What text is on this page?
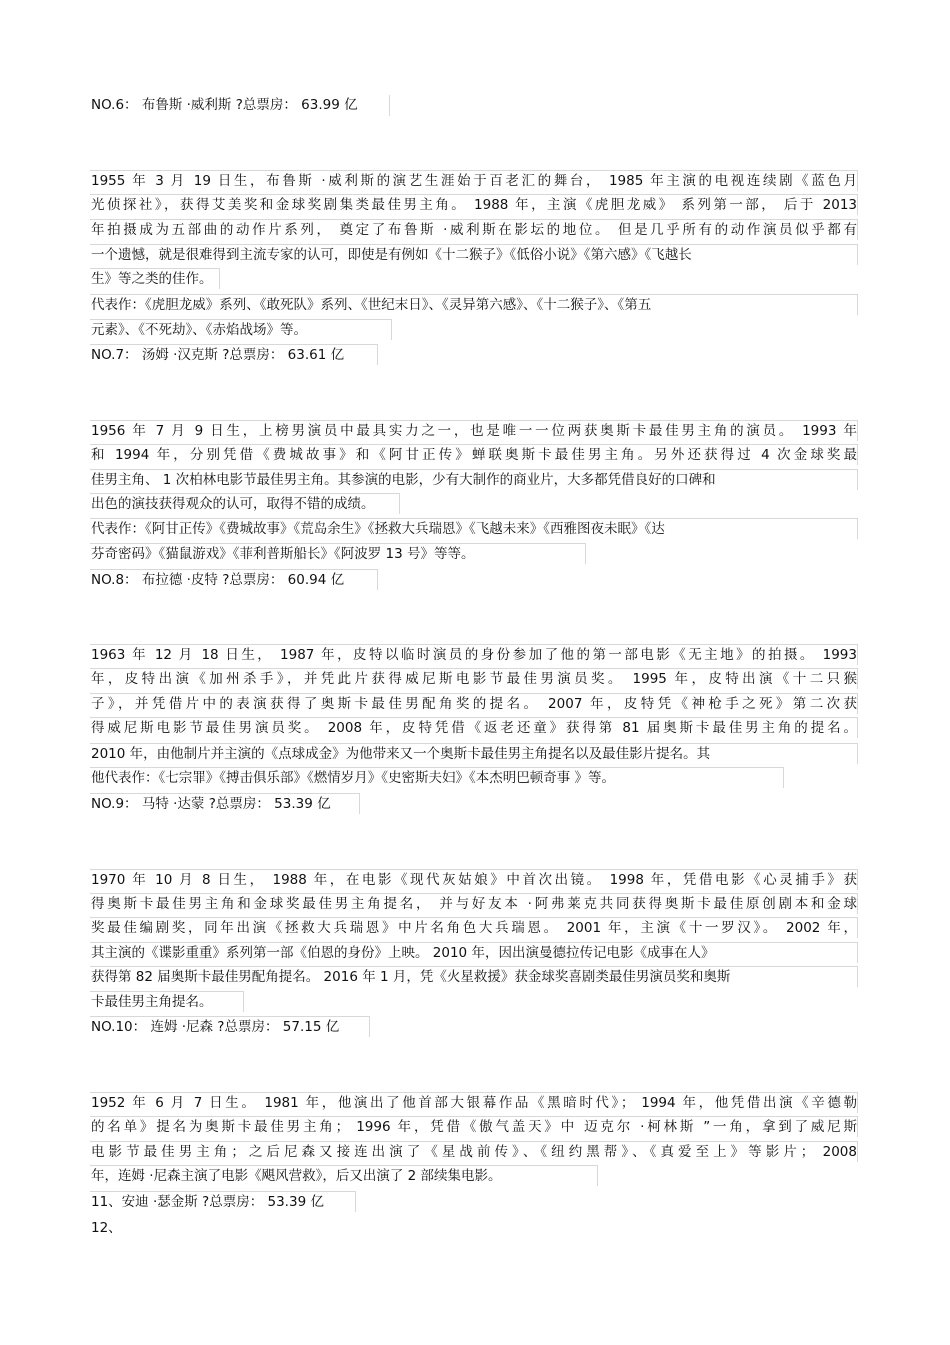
NO.6： 布鲁斯 ·威利斯 ?总票房： 63.99 亿
1955 年 3 月 19 日生，布鲁斯 ·威利斯的演艺生涯始于百老汇的舞台， 1985 年主演的电视连续剧《蓝色月
光侦探社》，获得艾美奖和金球奖剧集类最佳男主角。 1988 年，主演《虎胆龙威》 系列第一部， 后于 2013
年拍摄成为五部曲的动作片系列， 奠定了布鲁斯 ·威利斯在影坛的地位。 但是几乎所有的动作演员似乎都有
一个遗憾，就是很难得到主流专家的认可，即使是有例如《十二猴子》《低俗小说》《第六感》《飞越长
生》等之类的佳作。
代表作：《虎胆龙威》系列、《敢死队》系列、《世纪末日》、《灵异第六感》、《十二猴子》、《第五
元素》、《不死劫》、《赤焰战场》等。
NO.7： 汤姆 ·汉克斯 ?总票房： 63.61 亿
1956 年 7 月 9 日生，上榜男演员中最具实力之一，也是唯一一位两获奥斯卡最佳男主角的演员。 1993 年
和 1994 年，分别凭借《费城故事》和《阿甘正传》蝉联奥斯卡最佳男主角。另外还获得过 4 次金球奖最
佳男主角、 1 次柏林电影节最佳男主角。其参演的电影，少有大制作的商业片，大多都凭借良好的口碑和
出色的演技获得观众的认可，取得不错的成绩。
代表作：《阿甘正传》《费城故事》《荒岛余生》《拯救大兵瑞恩》《飞越未来》《西雅图夜未眠》《达
芬奇密码》《猫鼠游戏》《菲利普斯船长》《阿波罗 13 号》等等。
NO.8： 布拉德 ·皮特 ?总票房： 60.94 亿
1963 年 12 月 18 日生， 1987 年，皮特以临时演员的身份参加了他的第一部电影《无主地》的拍摄。 1993
年，皮特出演《加州杀手》，并凭此片获得威尼斯电影节最佳男演员奖。 1995 年，皮特出演《十二只猴
子》，并凭借片中的表演获得了奥斯卡最佳男配角奖的提名。 2007 年，皮特凭《神枪手之死》第二次获
得威尼斯电影节最佳男演员奖。 2008 年，皮特凭借《返老还童》获得第 81 届奥斯卡最佳男主角的提名。
2010 年，由他制片并主演的《点球成金》为他带来又一个奥斯卡最佳男主角提名以及最佳影片提名。其
他代表作：《七宗罪》《搏击俱乐部》《燃情岁月》《史密斯夫妇》《本杰明巴顿奇事 》等。
NO.9： 马特 ·达蒙 ?总票房： 53.39 亿
1970 年 10 月 8 日生， 1988 年，在电影《现代灰姑娘》中首次出镜。 1998 年，凭借电影《心灵捕手》获
得奥斯卡最佳男主角和金球奖最佳男主角提名， 并与好友本 ·阿弗莱克共同获得奥斯卡最佳原创剧本和金球
奖最佳编剧奖，同年出演《拯救大兵瑞恩》中片名角色大兵瑞恩。 2001 年，主演《十一罗汉》。 2002 年，
其主演的《谍影重重》系列第一部《伯恩的身份》上映。 2010 年，因出演曼德拉传记电影《成事在人》
获得第 82 届奥斯卡最佳男配角提名。 2016 年 1 月，凭《火星救援》获金球奖喜剧类最佳男演员奖和奥斯
卡最佳男主角提名。
NO.10： 连姆 ·尼森 ?总票房： 57.15 亿
1952 年 6 月 7 日生。 1981 年，他演出了他首部大银幕作品《黑暗时代》； 1994 年，他凭借出演《辛德勒
的名单》提名为奥斯卡最佳男主角； 1996 年，凭借《傲气盖天》中 迈克尔 ·柯林斯 ”一角，拿到了威尼斯
电影节最佳男主角；之后尼森又接连出演了《星战前传》、《纽约黑帮》、《真爱至上》等影片； 2008
年，连姆 ·尼森主演了电影《飓风营救》，后又出演了 2 部续集电影。
11、安迪 ·瑟金斯 ?总票房： 53.39 亿
12、
